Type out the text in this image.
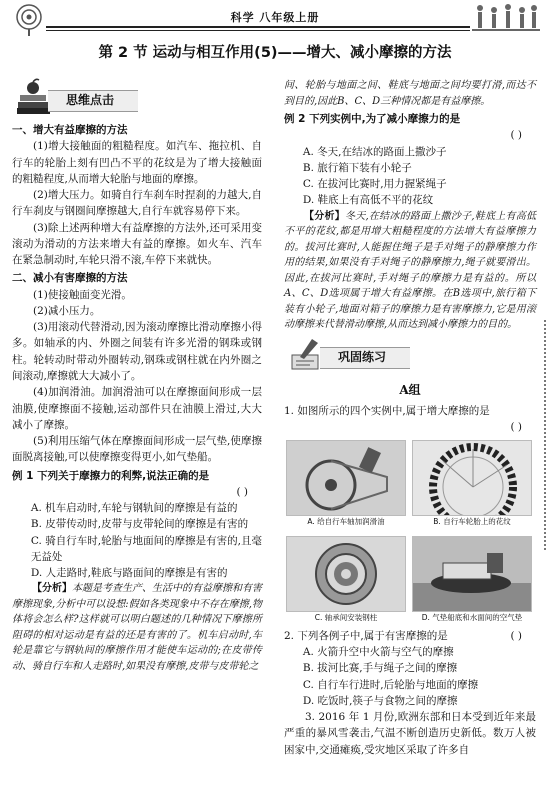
科学 八年级上册
第 2 节 运动与相互作用(5)——增大、减小摩擦的方法
思维点击

一、增大有益摩擦的方法

(1)增大接触面的粗糙程度。如汽车、拖拉机、自行车的轮胎上刻有凹凸不平的花纹是为了增大接触面的粗糙程度,从而增大轮胎与地面的摩擦。

(2)增大压力。如骑自行车刹车时捏刹的力越大,自行车刹皮与钢圈间摩擦越大,自行车就容易停下来。

(3)除上述两种增大有益摩擦的方法外,还可采用变滚动为滑动的方法来增大有益的摩擦。如火车、汽车在紧急制动时,车轮只滑不滚,车停下来就快。

二、减小有害摩擦的方法

(1)使接触面变光滑。

(2)减小压力。

(3)用滚动代替滑动,因为滚动摩擦比滑动摩擦小得多。如轴承的内、外圈之间装有许多光滑的钢珠或钢柱。轮转动时带动外圈转动,钢珠或钢柱就在内外圈之间滚动,摩擦就大大减小了。

(4)加润滑油。加润滑油可以在摩擦面间形成一层油膜,使摩擦面不接触,运动部件只在油膜上滑过,大大减小了摩擦。

(5)利用压缩气体在摩擦面间形成一层气垫,使摩擦面脱离接触,可以使摩擦变得更小,如气垫船。

例 1 下列关于摩擦力的利弊,说法正确的是

( )

A. 机车启动时,车轮与钢轨间的摩擦是有益的

B. 皮带传动时,皮带与皮带轮间的摩擦是有害的

C. 骑自行车时,轮胎与地面间的摩擦是有害的,且毫无益处

D. 人走路时,鞋底与路面间的摩擦是有害的

【分析】本题是考查生产、生活中的有益摩擦和有害摩擦现象,分析中可以设想:假如各类现象中不存在摩擦,物体将会怎么样?这样就可以明白题述的几种情况下摩擦所阻碍的相对运动是有益的还是有害的了。机车启动时,车轮是靠它与钢轨间的摩擦作用才能使车运动的;在皮带传动、骑自行车和人走路时,如果没有摩擦,皮带与皮带轮之

间、轮胎与地面之间、鞋底与地面之间均要打滑,而达不到目的,因此B、C、D三种情况都是有益摩擦。

例 2 下列实例中,为了减小摩擦力的是

( )

A. 冬天,在结冰的路面上撒沙子

B. 旅行箱下装有小轮子

C. 在拔河比赛时,用力握紧绳子

D. 鞋底上有高低不平的花纹

【分析】冬天,在结冰的路面上撒沙子,鞋底上有高低不平的花纹,都是用增大粗糙程度的方法增大有益摩擦力的。拔河比赛时,人能握住绳子是手对绳子的静摩擦力作用的结果,如果没有手对绳子的静摩擦力,绳子就要滑出。因此,在拔河比赛时,手对绳子的摩擦力是有益的。所以A、C、D选项属于增大有益摩擦。在B选项中,旅行箱下装有小轮子,地面对箱子的摩擦力是有害摩擦力,它是用滚动摩擦来代替滑动摩擦,从而达到减小摩擦力的目的。

巩固练习
A组

1. 如图所示的四个实例中,属于增大摩擦的是

( )

A. 给自行车轴加润滑油	B. 自行车轮胎上的花纹
C. 轴承间安装钢柱	D. 气垫船底和水面间的空气垫

2. 下列各例子中,属于有害摩擦的是	( )

A. 火箭升空中火箭与空气的摩擦

B. 拔河比赛,手与绳子之间的摩擦

C. 自行车行进时,后轮胎与地面的摩擦

D. 吃饭时,筷子与食物之间的摩擦

3. 2016 年 1 月份,欧洲东部和日本受到近年来最严重的暴风雪袭击,气温不断创造历史新低。数万人被困家中,交通瘫痪,受灾地区采取了许多自
